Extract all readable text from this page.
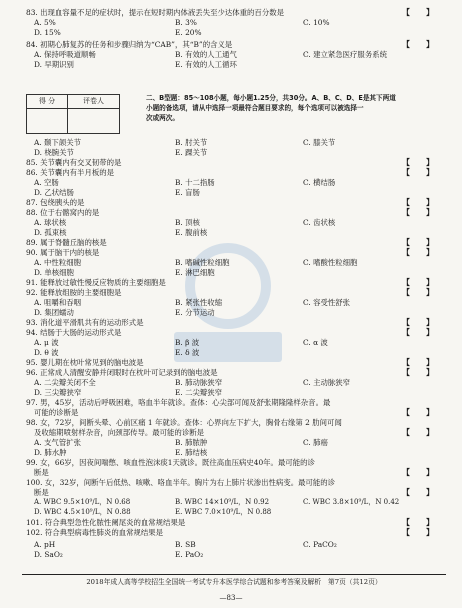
83. 出现血容量不足的症状时，提示在短时期内体液丢失至少达体重的百分数是	【　　】
A. 5%	B. 3%	C. 10%
D. 15%	E. 20%
84. 初期心肺复苏的任务和步骤归纳为“CAB”，其“B”的含义是	【　　】
A. 保持呼吸道顺畅	B. 有效的人工通气	C. 建立紧急医疗服务系统
D. 早期识别	E. 有效的人工循环
得 分	评卷人	二、B型题：85～108小题，每小题1.25分，共30分。A、B、C、D、E是其下两道
小题的备选项，请从中选择一项最符合题目要求的，每个选项可以被选择一
次或两次。
A. 颞下颌关节	B. 肘关节	C. 膝关节
D. 桡腕关节	E. 踝关节
85. 关节囊内有交叉韧带的是	【　　】
86. 关节囊内有半月板的是	【　　】
A. 空肠	B. 十二指肠	C. 横结肠
D. 乙状结肠	E. 盲肠
87. 包绕胰头的是	【　　】
88. 位于右髂窝内的是	【　　】
A. 球状核	B. 顶核	C. 齿状核
D. 孤束核	E. 腹前核
89. 属于脊髓丘脑的核是	【　　】
90. 属于脑干内的核是	【　　】
A. 中性粒细胞	B. 嗜碱性粒细胞	C. 嗜酸性粒细胞
D. 单核细胞	E. 淋巴细胞
91. 能释放过敏性慢反应物质的主要细胞是	【　　】
92. 能释放组胺的主要细胞是	【　　】
A. 咀嚼和吞咽	B. 紧张性收缩	C. 容受性舒张
D. 集团蠕动	E. 分节运动
93. 消化道平滑肌共有的运动形式是	【　　】
94. 结肠于大肠的运动形式是	【　　】
A. μ 波	B. β 波	C. α 波
D. θ 波	E. δ 波
95. 婴儿期在枕叶常见到的脑电波是	【　　】
96. 正常成人清醒安静并闭眼时在枕叶可记录到的脑电波是	【　　】
A. 二尖瓣关闭不全	B. 肺动脉狭窄	C. 主动脉狭窄
D. 三尖瓣狭窄	E. 二尖瓣狭窄
97. 男，45岁，活动后呼吸困难，咯血半年就诊。查体：心尖部可闻及舒张期隆隆样杂音。最
可能的诊断是	【　　】
98. 女，72岁，间断头晕、心前区痛 1 年就诊。查体：心界向左下扩大，胸骨右缘第 2 肋间可闻
及收缩期喷射样杂音，向颈部传导。最可能的诊断是	【　　】
A. 支气管扩张	B. 肺脓肿	C. 肺癌
D. 肺水肿	E. 肺结核
99. 女，66岁，因夜间喘憋、咳血性泡沫痰1天就诊。既往高血压病史40年。最可能的诊
断是	【　　】
100. 女，32岁，间断午后低热、咳嗽、咯血半年。胸片为右上肺片状渗出性病变。最可能的诊
断是	【　　】
A. WBC 9.5×10⁹/L，N 0.68	B. WBC 14×10⁹/L，N 0.92	C. WBC 3.8×10⁹/L，N 0.42
D. WBC 4.5×10⁹/L，N 0.88	E. WBC 7.0×10⁹/L，N 0.88
101. 符合典型急性化脓性阑尾炎的血常规结果是	【　　】
102. 符合典型病毒性肺炎的血常规结果是	【　　】
A. pH	B. SB	C. PaCO₂
D. SaO₂	E. PaO₂
2018年成人高等学校招生全国统一考试专升本医学综合试题和参考答案及解析　第7页（共12页）
—83—
